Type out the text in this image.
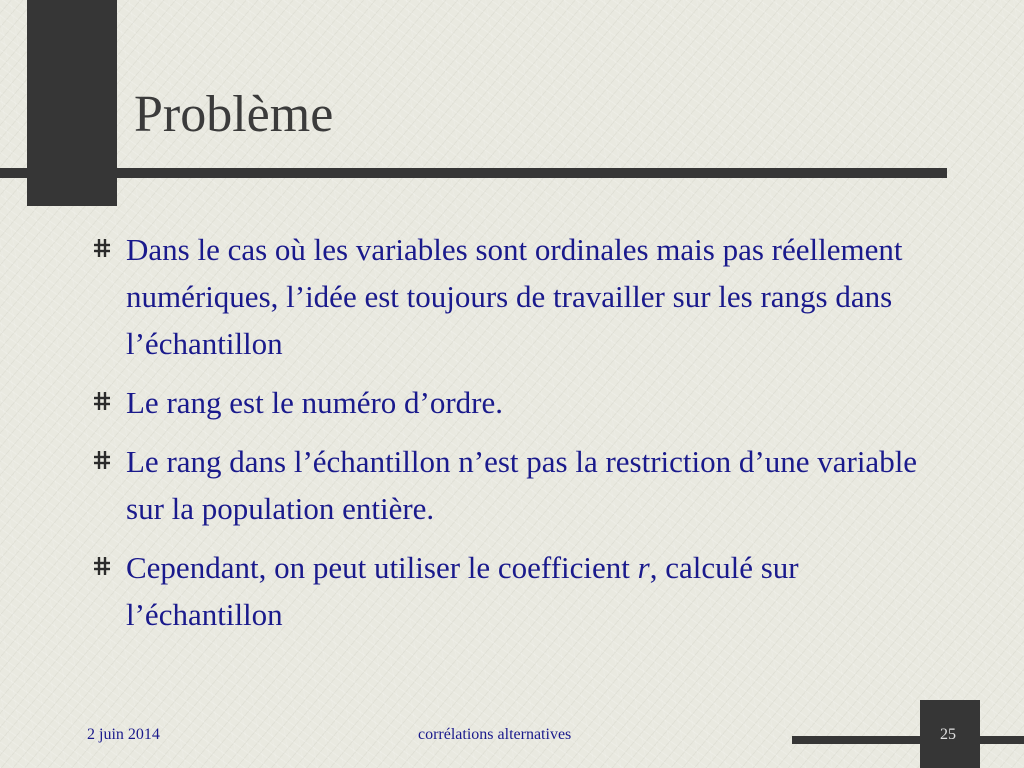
Problème
Dans le cas où les variables sont ordinales mais pas réellement numériques, l’idée est toujours de travailler sur les rangs dans l’échantillon
Le rang est le numéro d’ordre.
Le rang dans l’échantillon n’est pas la restriction d’une variable sur la population entière.
Cependant, on peut utiliser le coefficient r, calculé sur l’échantillon
2 juin 2014	corrélations alternatives	25
